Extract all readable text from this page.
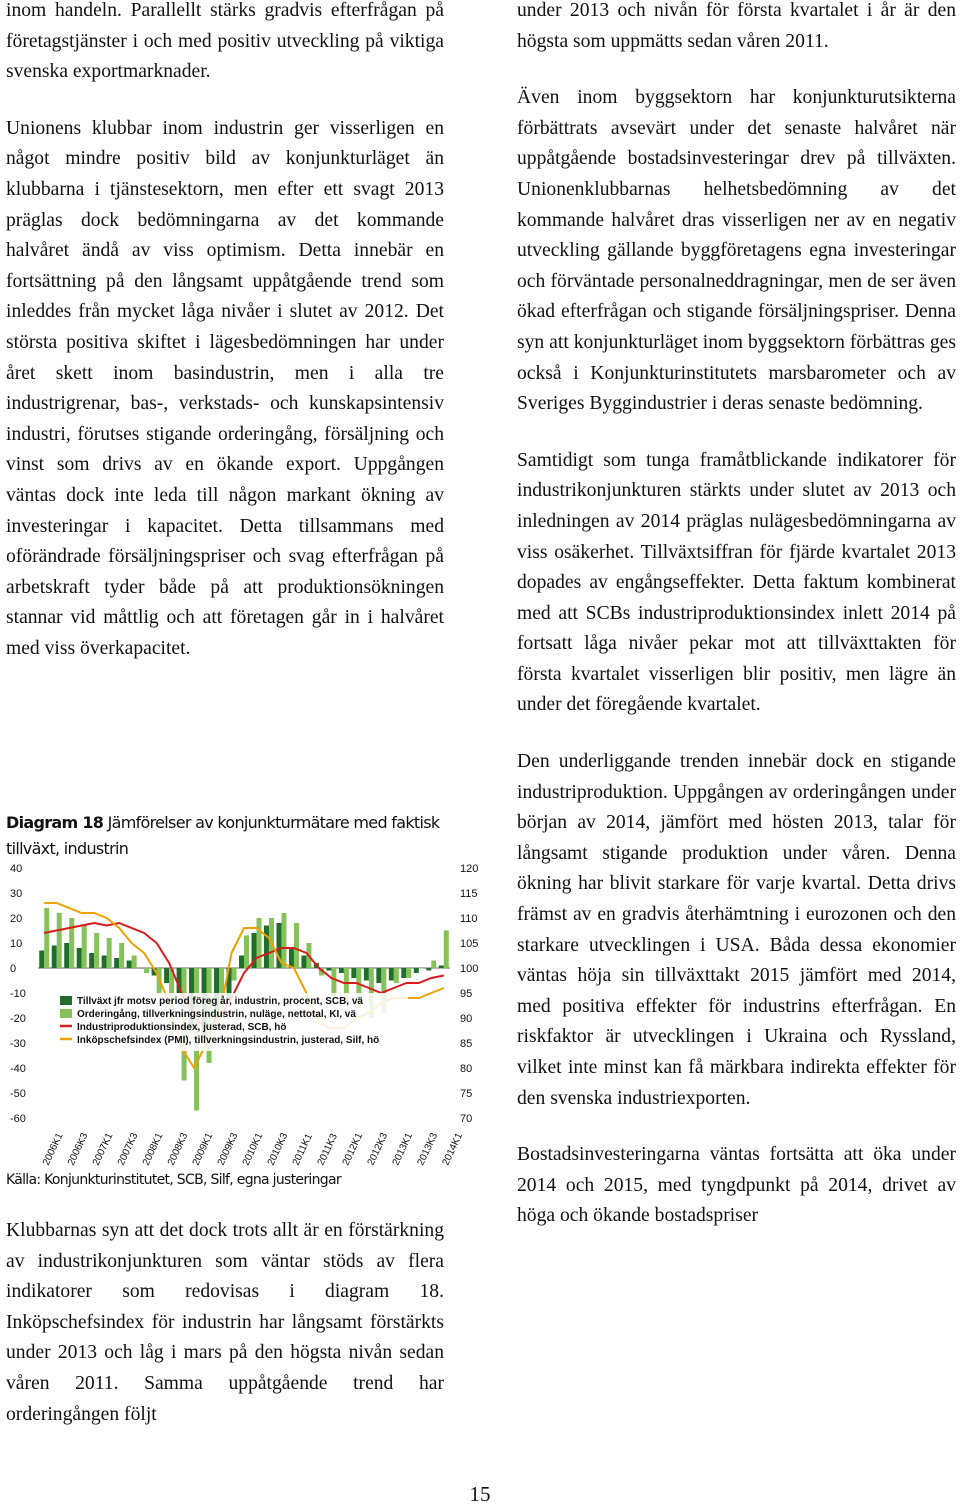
inom handeln. Parallellt stärks gradvis efterfrågan på företagstjänster i och med positiv utveckling på viktiga svenska exportmarknader.

Unionens klubbar inom industrin ger visserligen en något mindre positiv bild av konjunkturläget än klubbarna i tjänstesektorn, men efter ett svagt 2013 präglas dock bedömningarna av det kommande halvåret ändå av viss optimism. Detta innebär en fortsättning på den långsamt uppåtgående trend som inleddes från mycket låga nivåer i slutet av 2012. Det största positiva skiftet i lägesbedömningen har under året skett inom basindustrin, men i alla tre industrigrenar, bas-, verkstads- och kunskapsintensiv industri, förutses stigande orderingång, försäljning och vinst som drivs av en ökande export. Uppgången väntas dock inte leda till någon markant ökning av investeringar i kapacitet. Detta tillsammans med oförändrade försäljningspriser och svag efterfrågan på arbetskraft tyder både på att produktionsökningen stannar vid måttlig och att företagen går in i halvåret med viss överkapacitet.

Diagram 18 Jämförelser av konjunkturmätare med faktisk tillväxt, industrin
40
30
20
10
0
-10
-20
-30
-40
-50
-60
120
115
110
105
100
95
90
85
80
75
70
2006K1 2006K3 2007K1 2007K3 2008K1 2008K3 2009K1 2009K3 2010K1 2010K3 2011K1 2011K3 2012K1 2012K3 2013K1 2013K3 2014K1
Tillväxt jfr motsv period föreg år, industrin, procent, SCB, vä
Orderingång, tillverkningsindustrin, nuläge, nettotal, KI, vä
Industriproduktionsindex, justerad, SCB, hö
Inköpschefsindex (PMI), tillverkningsindustrin, justerad, Silf, hö
Källa: Konjunkturinstitutet, SCB, Silf, egna justeringar

Klubbarnas syn att det dock trots allt är en förstärkning av industrikonjunkturen som väntar stöds av flera indikatorer som redovisas i diagram 18. Inköpschefsindex för industrin har långsamt förstärkts under 2013 och låg i mars på den högsta nivån sedan våren 2011. Samma uppåtgående trend har orderingången följt

under 2013 och nivån för första kvartalet i år är den högsta som uppmätts sedan våren 2011.

Även inom byggsektorn har konjunkturutsikterna förbättrats avsevärt under det senaste halvåret när uppåtgående bostadsinvesteringar drev på tillväxten. Unionenklubbarnas helhetsbedömning av det kommande halvåret dras visserligen ner av en negativ utveckling gällande byggföretagens egna investeringar och förväntade personalneddragningar, men de ser även ökad efterfrågan och stigande försäljningspriser. Denna syn att konjunkturläget inom byggsektorn förbättras ges också i Konjunkturinstitutets marsbarometer och av Sveriges Byggindustrier i deras senaste bedömning.

Samtidigt som tunga framåtblickande indikatorer för industrikonjunkturen stärkts under slutet av 2013 och inledningen av 2014 präglas nulägesbedömningarna av viss osäkerhet. Tillväxtsiffran för fjärde kvartalet 2013 dopades av engångseffekter. Detta faktum kombinerat med att SCBs industriproduktionsindex inlett 2014 på fortsatt låga nivåer pekar mot att tillväxttakten för första kvartalet visserligen blir positiv, men lägre än under det föregående kvartalet.

Den underliggande trenden innebär dock en stigande industriproduktion. Uppgången av orderingången under början av 2014, jämfört med hösten 2013, talar för långsamt stigande produktion under våren. Denna ökning har blivit starkare för varje kvartal. Detta drivs främst av en gradvis återhämtning i eurozonen och den starkare utvecklingen i USA. Båda dessa ekonomier väntas höja sin tillväxttakt 2015 jämfört med 2014, med positiva effekter för industrins efterfrågan. En riskfaktor är utvecklingen i Ukraina och Ryssland, vilket inte minst kan få märkbara indirekta effekter för den svenska industriexporten.

Bostadsinvesteringarna väntas fortsätta att öka under 2014 och 2015, med tyngdpunkt på 2014, drivet av höga och ökande bostadspriser

15
